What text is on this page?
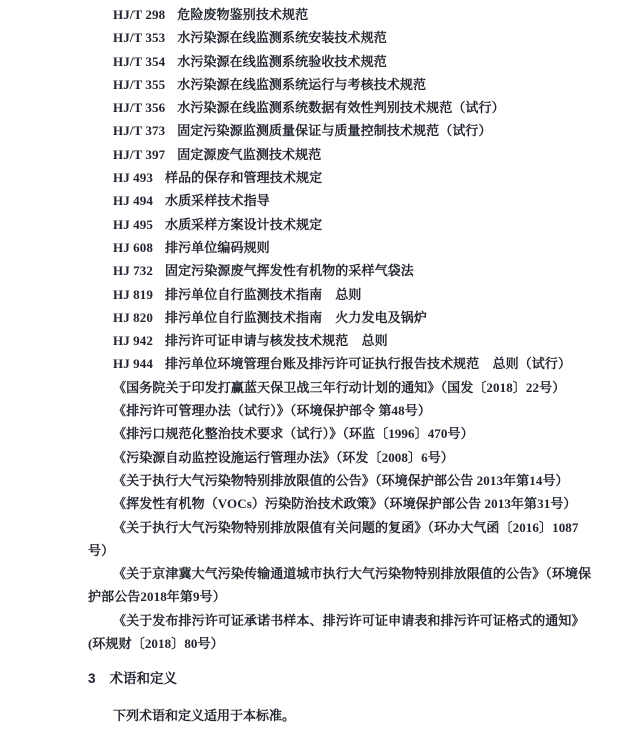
HJ/T 298 危险废物鉴别技术规范

HJ/T 353 水污染源在线监测系统安装技术规范

HJ/T 354 水污染源在线监测系统验收技术规范

HJ/T 355 水污染源在线监测系统运行与考核技术规范

HJ/T 356 水污染源在线监测系统数据有效性判别技术规范（试行）

HJ/T 373 固定污染源监测质量保证与质量控制技术规范（试行）

HJ/T 397 固定源废气监测技术规范

HJ 493 样品的保存和管理技术规定

HJ 494 水质采样技术指导

HJ 495 水质采样方案设计技术规定

HJ 608 排污单位编码规则

HJ 732 固定污染源废气挥发性有机物的采样气袋法

HJ 819 排污单位自行监测技术指南　总则

HJ 820 排污单位自行监测技术指南　火力发电及锅炉

HJ 942 排污许可证申请与核发技术规范　总则

HJ 944 排污单位环境管理台账及排污许可证执行报告技术规范　总则（试行）

《国务院关于印发打赢蓝天保卫战三年行动计划的通知》（国发〔2018〕22号）

《排污许可管理办法（试行）》（环境保护部令 第48号）

《排污口规范化整治技术要求（试行）》（环监〔1996〕470号）

《污染源自动监控设施运行管理办法》（环发〔2008〕6号）

《关于执行大气污染物特别排放限值的公告》（环境保护部公告 2013年第14号）

《挥发性有机物（VOCs）污染防治技术政策》（环境保护部公告 2013年第31号）

《关于执行大气污染物特别排放限值有关问题的复函》（环办大气函〔2016〕1087号）

《关于京津冀大气污染传输通道城市执行大气污染物特别排放限值的公告》（环境保护部公告2018年第9号）

《关于发布排污许可证承诺书样本、排污许可证申请表和排污许可证格式的通知》(环规财〔2018〕80号）

3 术语和定义

下列术语和定义适用于本标准。
